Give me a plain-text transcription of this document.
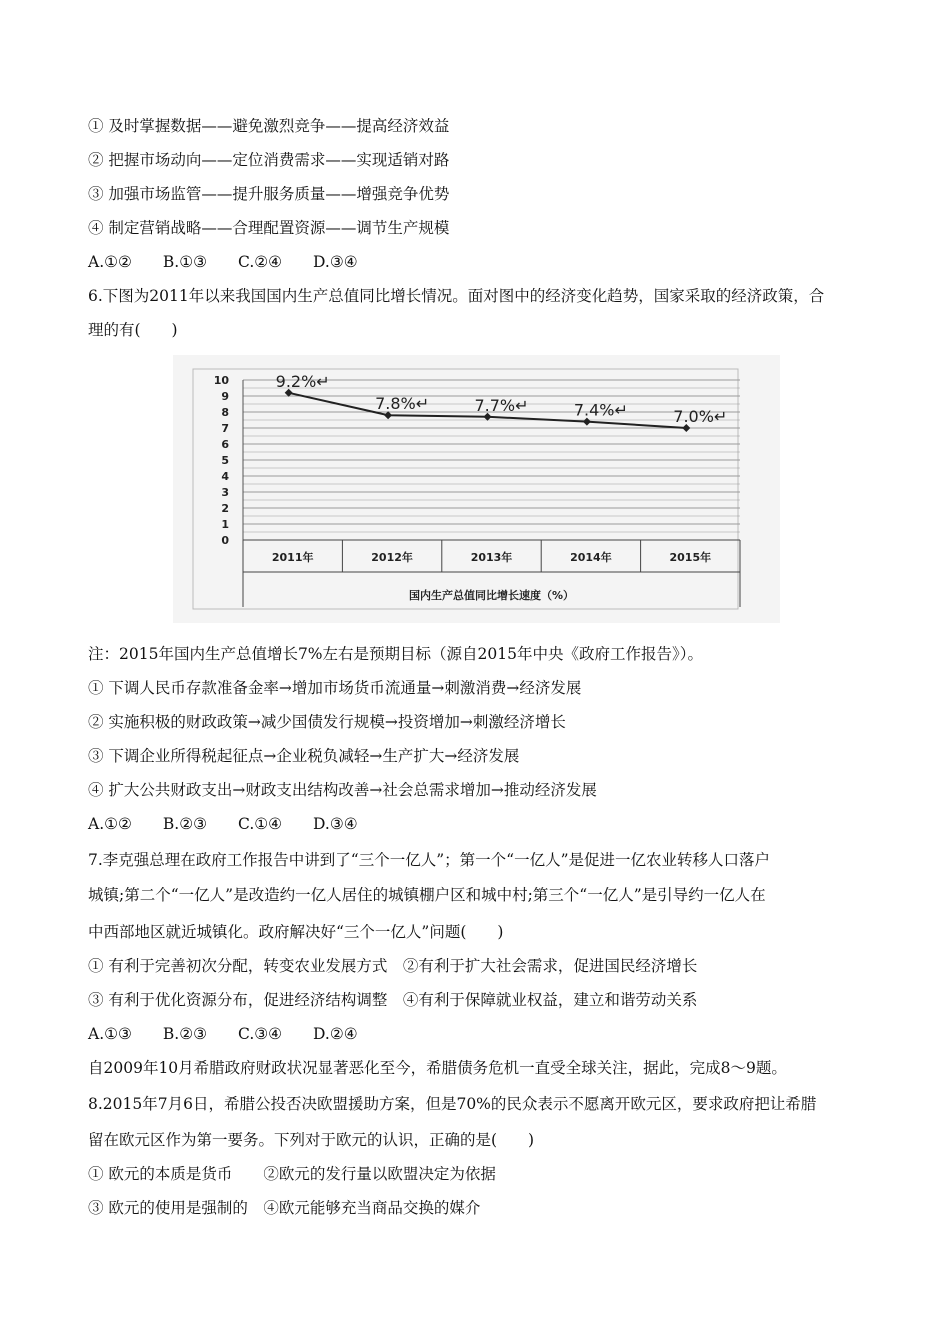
① 及时掌握数据——避免激烈竞争——提高经济效益
② 把握市场动向——定位消费需求——实现适销对路
③ 加强市场监管——提升服务质量——增强竞争优势
④ 制定营销战略——合理配置资源——调节生产规模
A.①②　　B.①③　　C.②④　　D.③④
6.下图为2011年以来我国国内生产总值同比增长情况。面对图中的经济变化趋势，国家采取的经济政策，合
理的有(　　)
0
1
2
3
4
5
6
7
8
9
10
2011年	2012年	2013年	2014年	2015年
国内生产总值同比增长速度（%）
9.2%↵
7.8%↵	7.7%↵	7.4%↵	7.0%↵
注：2015年国内生产总值增长7%左右是预期目标（源自2015年中央《政府工作报告》）。
① 下调人民币存款准备金率→增加市场货币流通量→刺激消费→经济发展
② 实施积极的财政政策→减少国债发行规模→投资增加→刺激经济增长
③ 下调企业所得税起征点→企业税负减轻→生产扩大→经济发展
④ 扩大公共财政支出→财政支出结构改善→社会总需求增加→推动经济发展
A.①②　　B.②③　　C.①④　　D.③④
7.李克强总理在政府工作报告中讲到了“三个一亿人”；第一个“一亿人”是促进一亿农业转移人口落户
城镇;第二个“一亿人”是改造约一亿人居住的城镇棚户区和城中村;第三个“一亿人”是引导约一亿人在
中西部地区就近城镇化。政府解决好“三个一亿人”问题(　　)
① 有利于完善初次分配，转变农业发展方式　②有利于扩大社会需求，促进国民经济增长
③ 有利于优化资源分布，促进经济结构调整　④有利于保障就业权益，建立和谐劳动关系
A.①③　　B.②③　　C.③④　　D.②④
自2009年10月希腊政府财政状况显著恶化至今，希腊债务危机一直受全球关注，据此，完成8～9题。
8.2015年7月6日，希腊公投否决欧盟援助方案，但是70%的民众表示不愿离开欧元区，要求政府把让希腊
留在欧元区作为第一要务。下列对于欧元的认识，正确的是(　　)
① 欧元的本质是货币　　②欧元的发行量以欧盟决定为依据
③ 欧元的使用是强制的　④欧元能够充当商品交换的媒介
